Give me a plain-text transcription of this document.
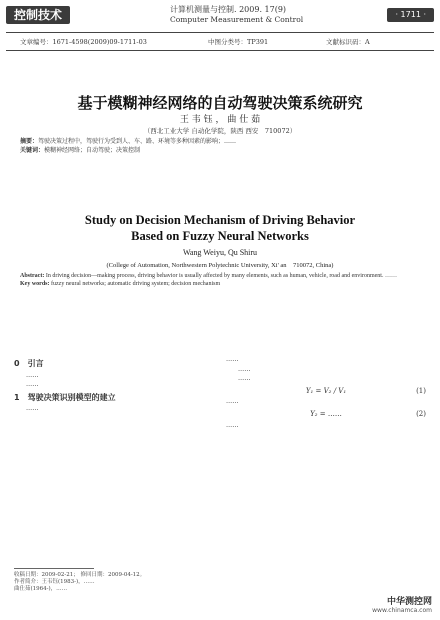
控制技术	计算机测量与控制. 2009. 17(9)
Computer Measurement & Control
· 1711 ·
文章编号：1671-4598(2009)09-1711-03	中图分类号：TP391	文献标识码：A
基于模糊神经网络的自动驾驶决策系统研究
王 韦 钰 ， 曲 仕 茹
（西北工业大学 自动化学院，陕西 西安　710072）
摘要：驾驶决策过程中，驾驶行为受到人、车、路、环境等多种因素的影响；……
关键词：模糊神经网络；自动驾驶；决策控制
Study on Decision Mechanism of Driving Behavior
Based on Fuzzy Neural Networks
Wang Weiyu, Qu Shiru
(College of Automation, Northwestern Polytechnic University, Xi' an　710072, China)
Abstract: In driving decision—making process, driving behavior is usually affected by many elements, such as human, vehicle, road and environment. ……
Key words: fuzzy neural networks; automatic driving system; decision mechanism
0　引言

……

……

1　驾驶决策识别模型的建立

……

……

……

……

Y₁ = V₂ / V₁	(1)

……

Y₂ = ……	(2)

……

收稿日期：2009-02-21； 修回日期：2009-04-12。
作者简介：王韦钰(1983-)，……
曲仕茹(1964-)，……
中华测控网
www.chinamca.com
